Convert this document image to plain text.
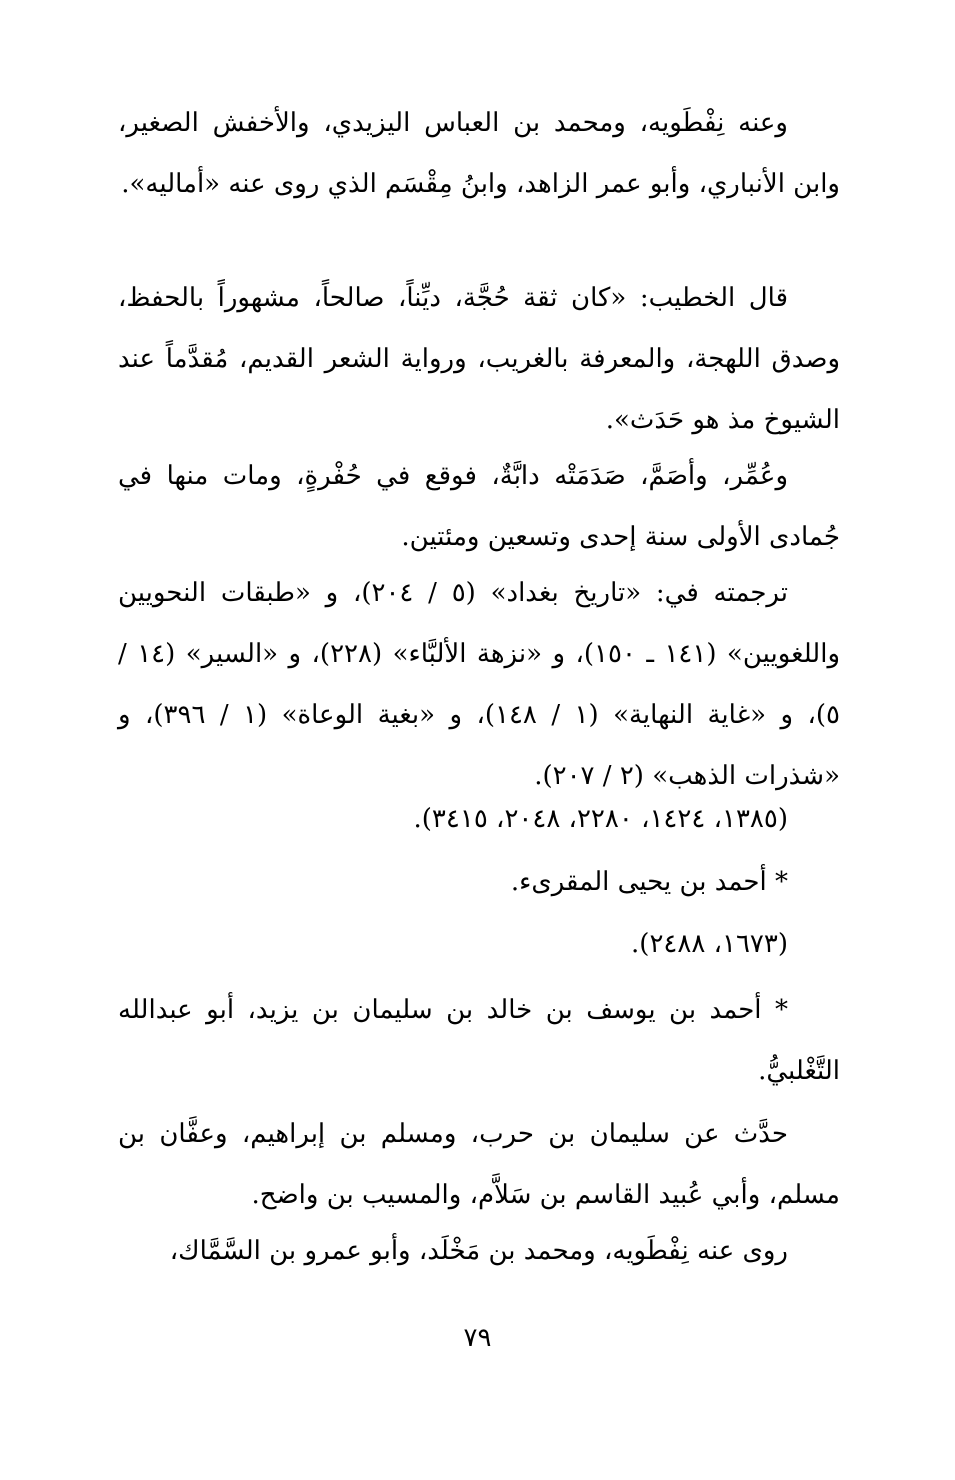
وعنه نِفْطَويه، ومحمد بن العباس اليزيدي، والأخفش الصغير، وابن الأنباري، وأبو عمر الزاهد، وابنُ مِقْسَم الذي روى عنه «أماليه».

قال الخطيب: «كان ثقة حُجَّة، ديِّناً، صالحاً، مشهوراً بالحفظ، وصدق اللهجة، والمعرفة بالغريب، ورواية الشعر القديم، مُقدَّماً عند الشيوخ مذ هو حَدَث».

وعُمِّر، وأصَمَّ، صَدَمَتْه دابَّةٌ، فوقع في حُفْرةٍ، ومات منها في جُمادى الأولى سنة إحدى وتسعين ومئتين.

ترجمته في: «تاريخ بغداد» (٥ / ٢٠٤)، و «طبقات النحويين واللغويين» (١٤١ ـ ١٥٠)، و «نزهة الألبَّاء» (٢٢٨)، و «السير» (١٤ / ٥)، و «غاية النهاية» (١ / ١٤٨)، و «بغية الوعاة» (١ / ٣٩٦)، و «شذرات الذهب» (٢ / ٢٠٧).

(١٣٨٥، ١٤٢٤، ٢٢٨٠، ٢٠٤٨، ٣٤١٥).

* أحمد بن يحيى المقرىء.

(١٦٧٣، ٢٤٨٨).

* أحمد بن يوسف بن خالد بن سليمان بن يزيد، أبو عبدالله التَّغْلبيُّ.

حدَّث عن سليمان بن حرب، ومسلم بن إبراهيم، وعفَّان بن مسلم، وأبي عُبيد القاسم بن سَلاَّم، والمسيب بن واضح.

روى عنه نِفْطَويه، ومحمد بن مَخْلَد، وأبو عمرو بن السَّمَّاك،

٧٩
